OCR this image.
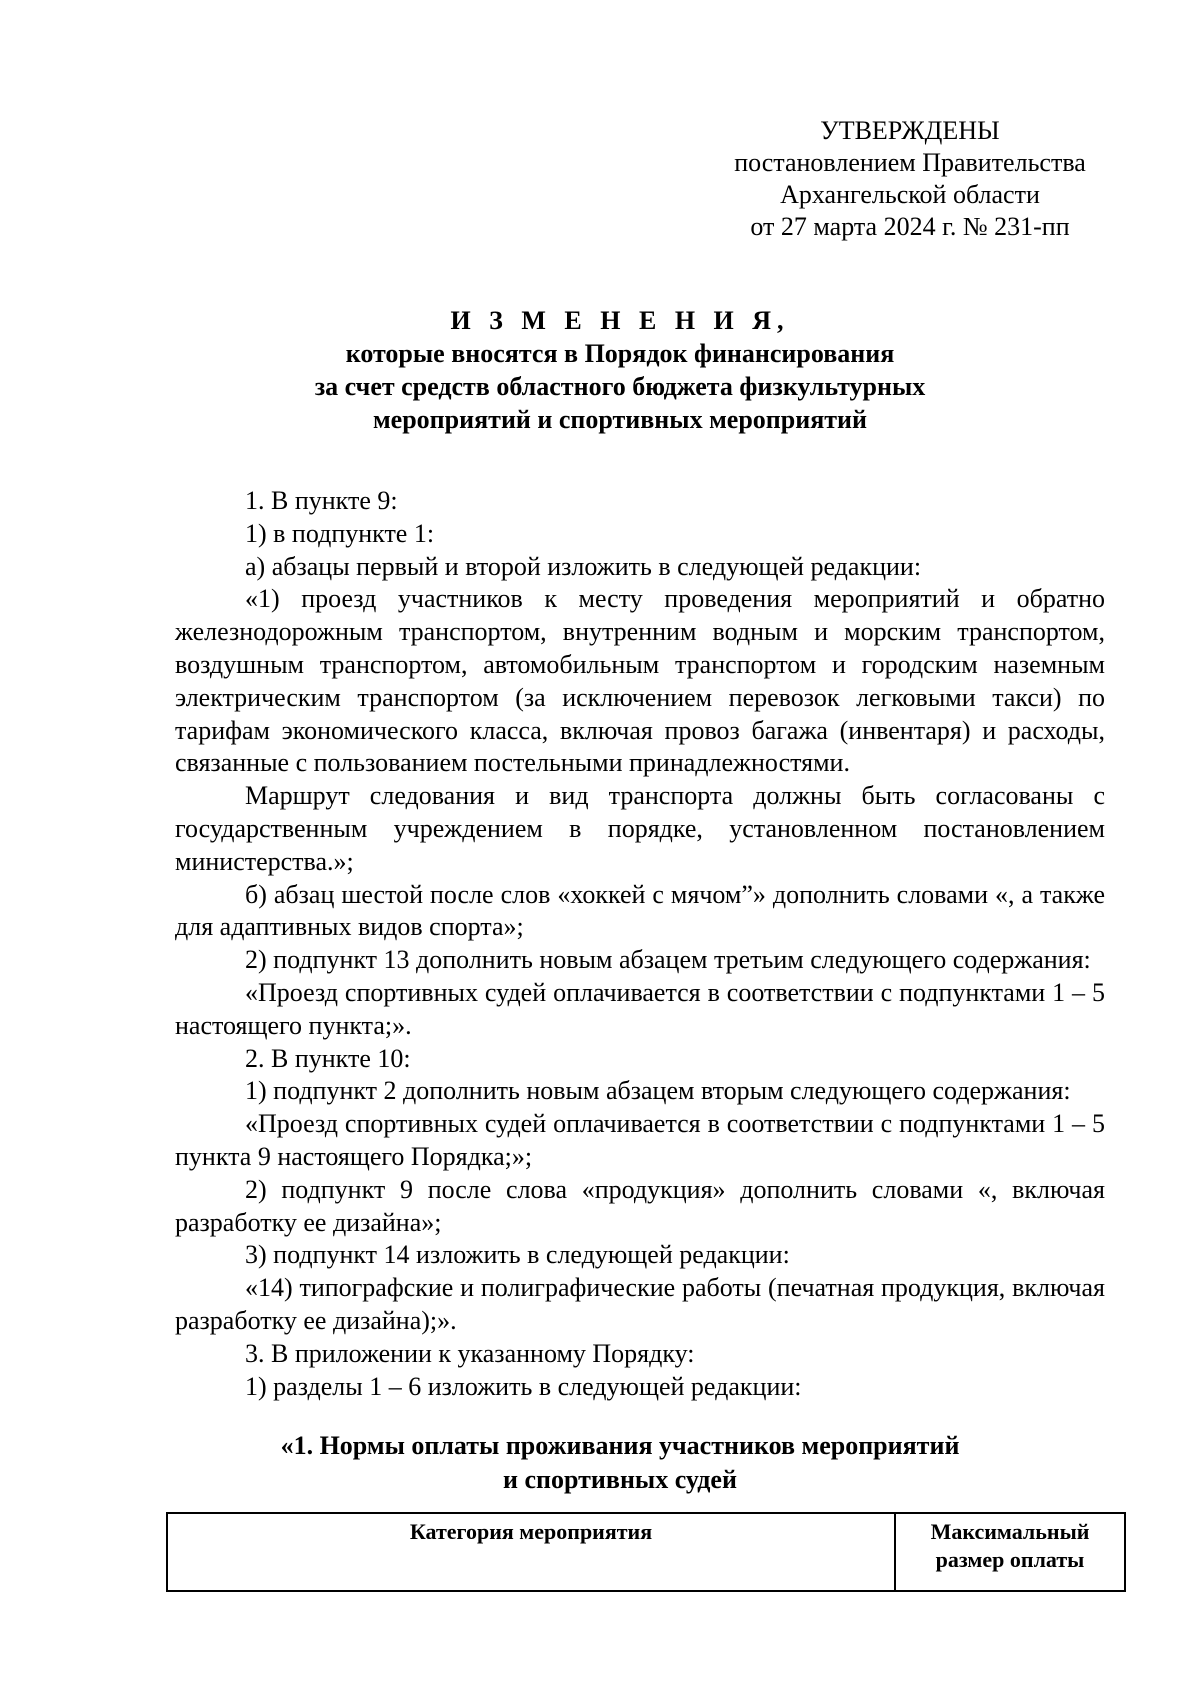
УТВЕРЖДЕНЫ
постановлением Правительства
Архангельской области
от 27 марта 2024 г. № 231-пп
И З М Е Н Е Н И Я,
которые вносятся в Порядок финансирования
за счет средств областного бюджета физкультурных
мероприятий и спортивных мероприятий

1. В пункте 9:

1) в подпункте 1:

а) абзацы первый и второй изложить в следующей редакции:

«1) проезд участников к месту проведения мероприятий и обратно железнодорожным транспортом, внутренним водным и морским транспортом, воздушным транспортом, автомобильным транспортом и городским наземным электрическим транспортом (за исключением перевозок легковыми такси) по тарифам экономического класса, включая провоз багажа (инвентаря) и расходы, связанные с пользованием постельными принадлежностями.

Маршрут следования и вид транспорта должны быть согласованы с государственным учреждением в порядке, установленном постановлением министерства.»;

б) абзац шестой после слов «хоккей с мячом”» дополнить словами «, а также для адаптивных видов спорта»;

2) подпункт 13 дополнить новым абзацем третьим следующего содержания:

«Проезд спортивных судей оплачивается в соответствии с подпунктами 1 – 5 настоящего пункта;».

2. В пункте 10:

1) подпункт 2 дополнить новым абзацем вторым следующего содержания:

«Проезд спортивных судей оплачивается в соответствии с подпунктами 1 – 5 пункта 9 настоящего Порядка;»;

2) подпункт 9 после слова «продукция» дополнить словами «, включая разработку ее дизайна»;

3) подпункт 14 изложить в следующей редакции:

«14) типографские и полиграфические работы (печатная продукция, включая разработку ее дизайна);».

3. В приложении к указанному Порядку:

1) разделы 1 – 6 изложить в следующей редакции:

«1. Нормы оплаты проживания участников мероприятий
и спортивных судей
Категория мероприятия	Максимальный
размер оплаты
